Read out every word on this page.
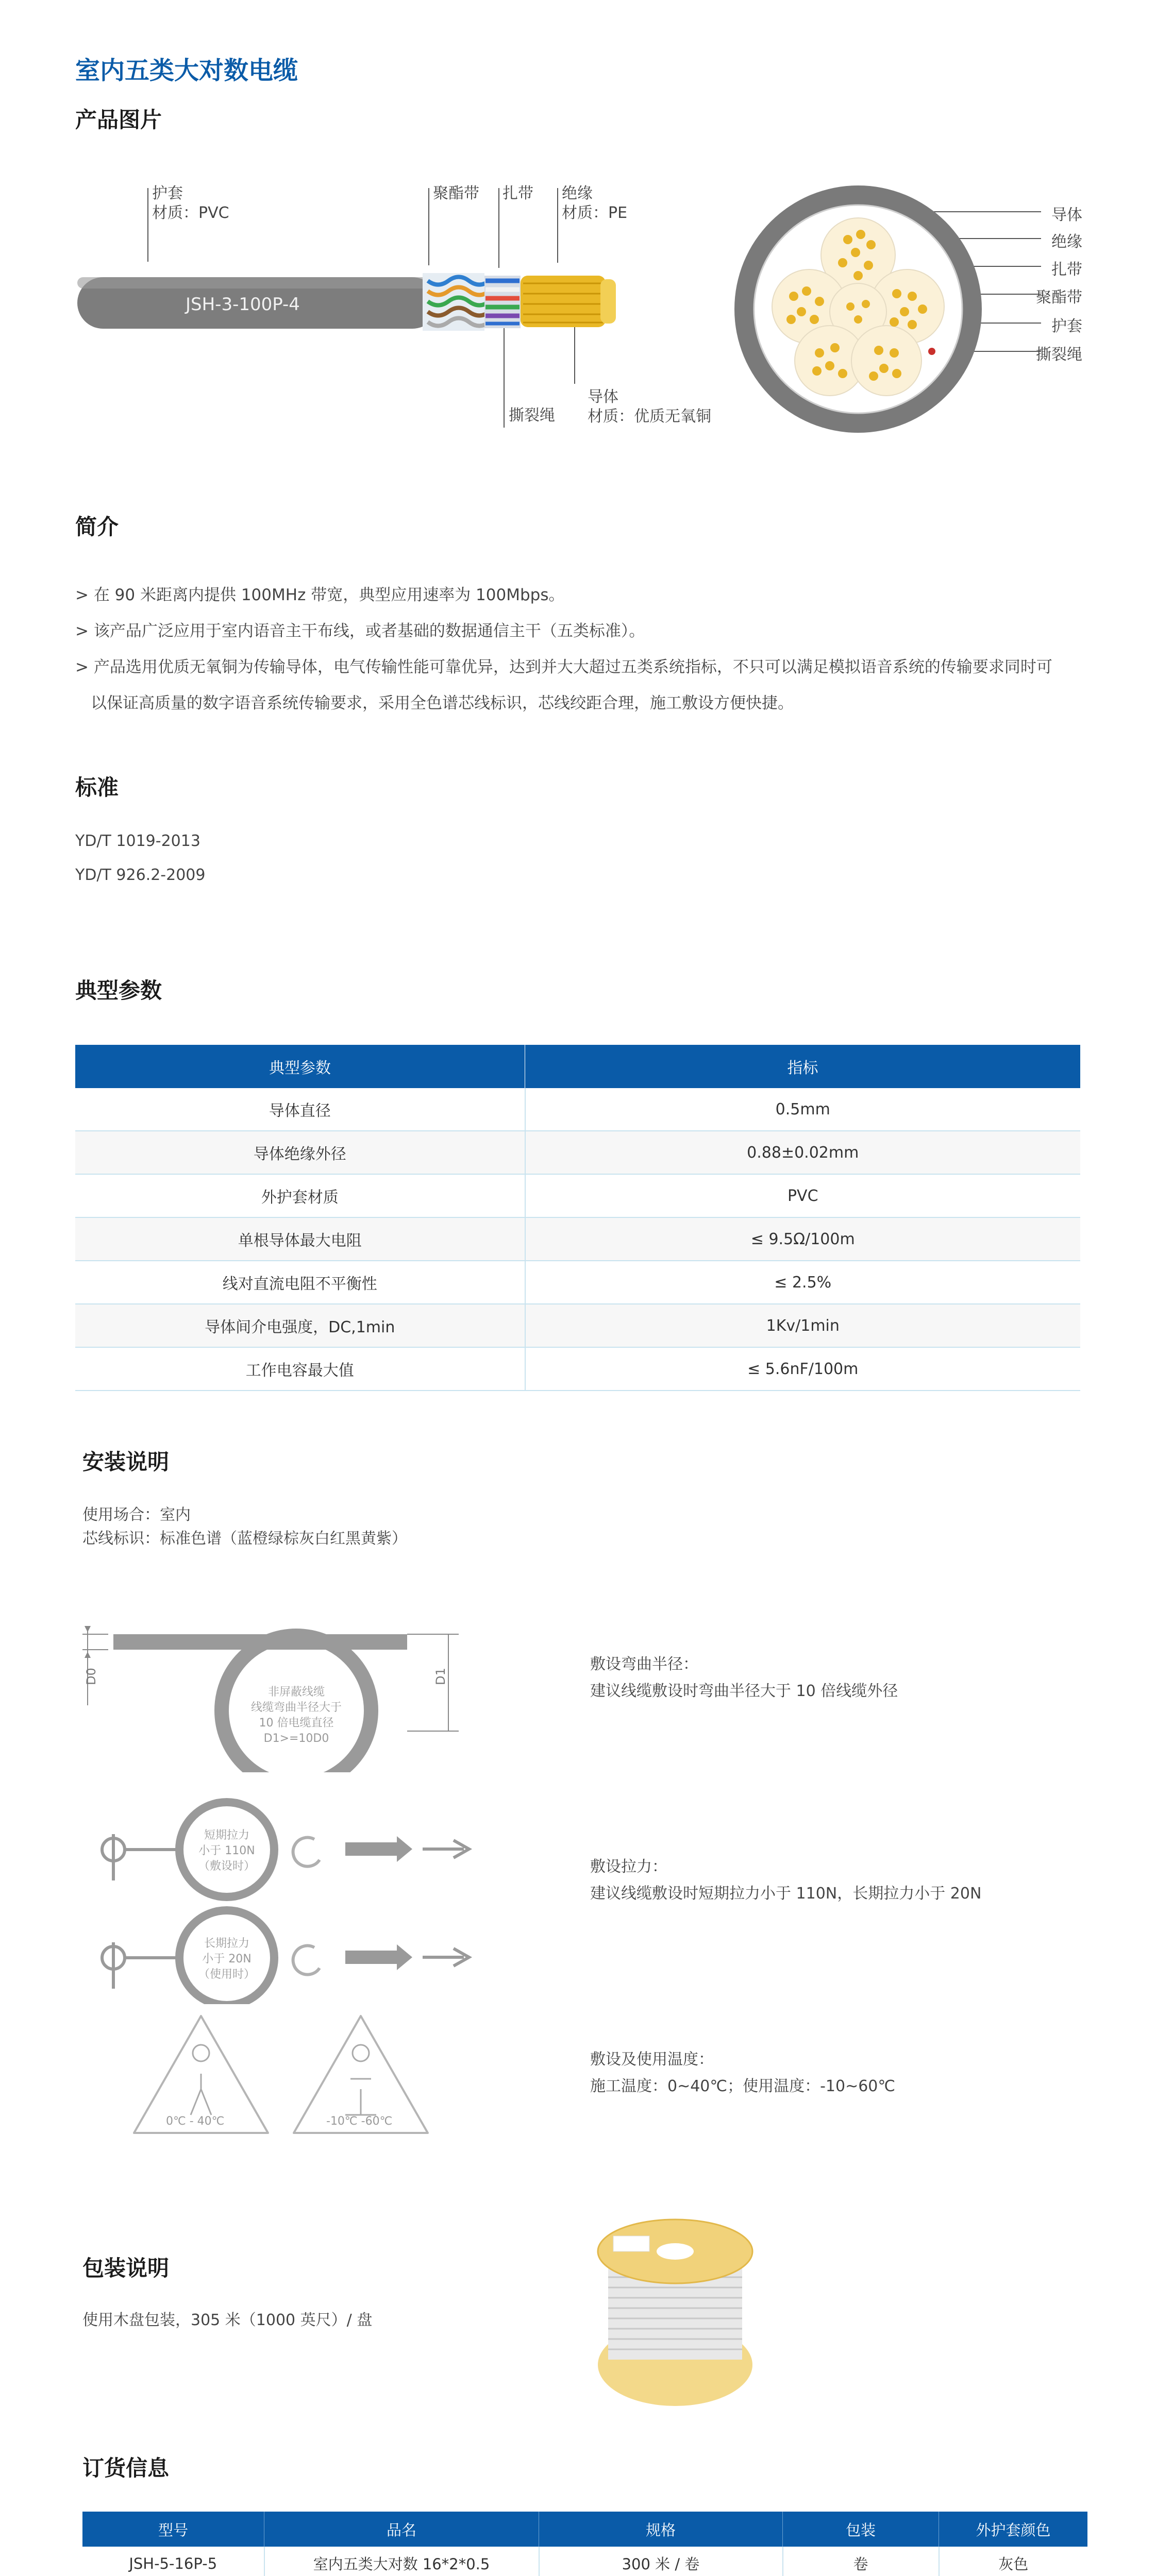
室内五类大对数电缆
产品图片
JSH-3-100P-4
护套
材质：PVC
聚酯带 扎带 绝缘
材质：PE
撕裂绳
导体
材质：优质无氧铜
导体
绝缘
扎带
聚酯带
护套
撕裂绳
简介
> 在 90 米距离内提供 100MHz 带宽，典型应用速率为 100Mbps。
> 该产品广泛应用于室内语音主干布线，或者基础的数据通信主干（五类标准）。
> 产品选用优质无氧铜为传输导体，电气传输性能可靠优异，达到并大大超过五类系统指标，不只可以满足模拟语音系统的传输要求同时可
以保证高质量的数字语音系统传输要求，采用全色谱芯线标识，芯线绞距合理，施工敷设方便快捷。
标准
YD/T 1019-2013
YD/T 926.2-2009
典型参数
典型参数	指标
导体直径	0.5mm
导体绝缘外径	0.88±0.02mm
外护套材质	PVC
单根导体最大电阻	≤ 9.5Ω/100m
线对直流电阻不平衡性	≤ 2.5%
导体间介电强度，DC,1min	1Kv/1min
工作电容最大值	≤ 5.6nF/100m
安装说明
使用场合：室内
芯线标识：标准色谱（蓝橙绿棕灰白红黑黄紫）
D0	D1
非屏蔽线缆
线缆弯曲半径大于
10 倍电缆直径
D1>=10D0
短期拉力
小于 110N
（敷设时）
长期拉力
小于 20N
（使用时）
0℃ - 40℃	-10℃ -60℃
敷设弯曲半径：
建议线缆敷设时弯曲半径大于 10 倍线缆外径
敷设拉力：
建议线缆敷设时短期拉力小于 110N，长期拉力小于 20N
敷设及使用温度：
施工温度：0~40℃；使用温度：-10~60℃
包装说明
使用木盘包装，305 米（1000 英尺）/ 盘
订货信息
型号	品名	规格	包装	外护套颜色
JSH-5-16P-5	室内五类大对数 16*2*0.5	300 米 / 卷	卷	灰色
